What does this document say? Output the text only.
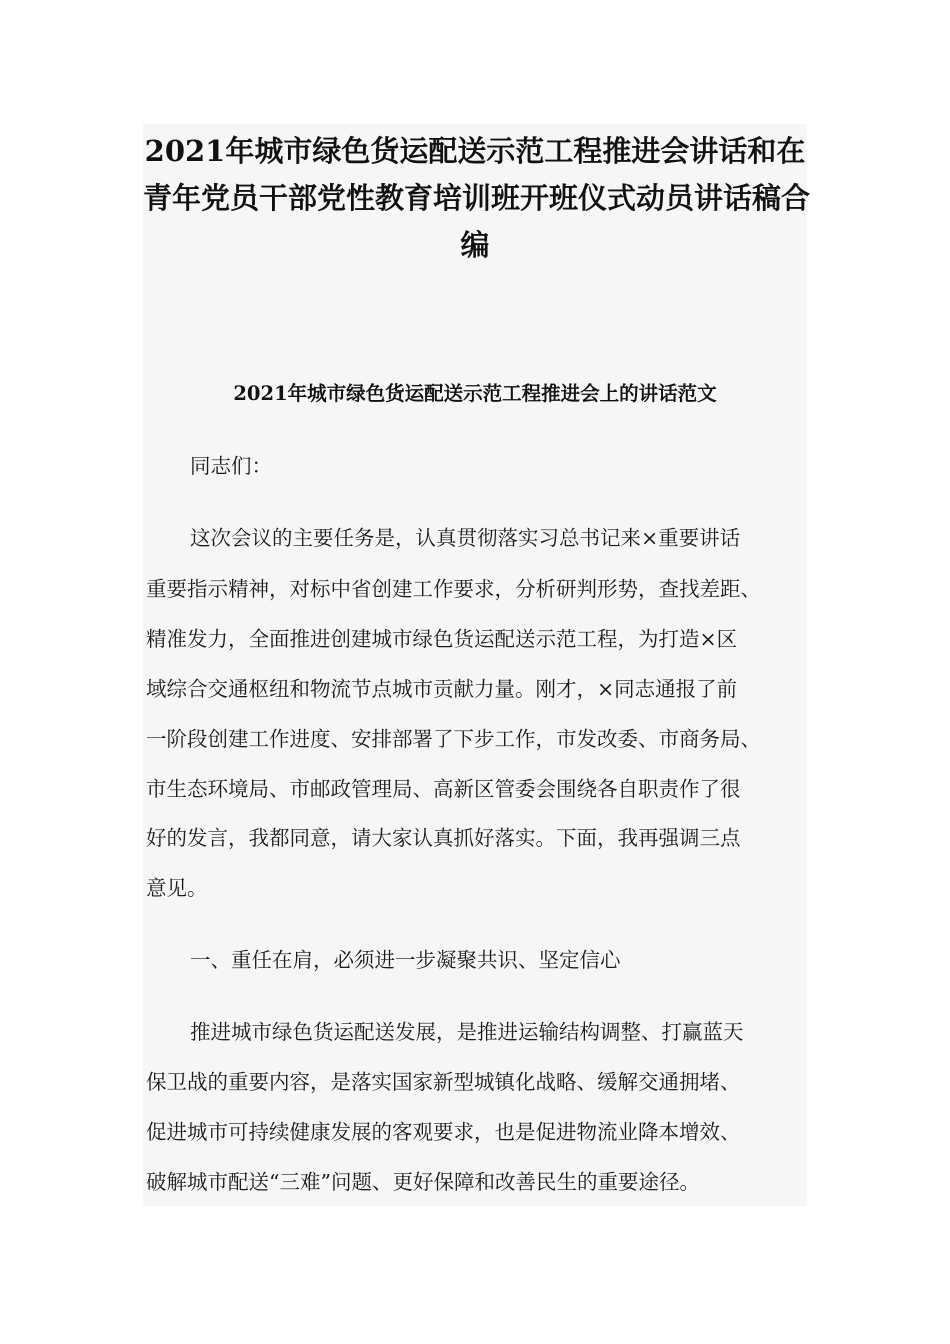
2021年城市绿色货运配送示范工程推进会讲话和在
青年党员干部党性教育培训班开班仪式动员讲话稿合
编
2021年城市绿色货运配送示范工程推进会上的讲话范文

同志们：

这次会议的主要任务是，认真贯彻落实习总书记来×重要讲话

重要指示精神，对标中省创建工作要求，分析研判形势，查找差距、

精准发力，全面推进创建城市绿色货运配送示范工程，为打造×区

域综合交通枢纽和物流节点城市贡献力量。刚才，×同志通报了前

一阶段创建工作进度、安排部署了下步工作，市发改委、市商务局、

市生态环境局、市邮政管理局、高新区管委会围绕各自职责作了很

好的发言，我都同意，请大家认真抓好落实。下面，我再强调三点

意见。

一、重任在肩，必须进一步凝聚共识、坚定信心

推进城市绿色货运配送发展，是推进运输结构调整、打赢蓝天

保卫战的重要内容，是落实国家新型城镇化战略、缓解交通拥堵、

促进城市可持续健康发展的客观要求，也是促进物流业降本增效、

破解城市配送“三难”问题、更好保障和改善民生的重要途径。
